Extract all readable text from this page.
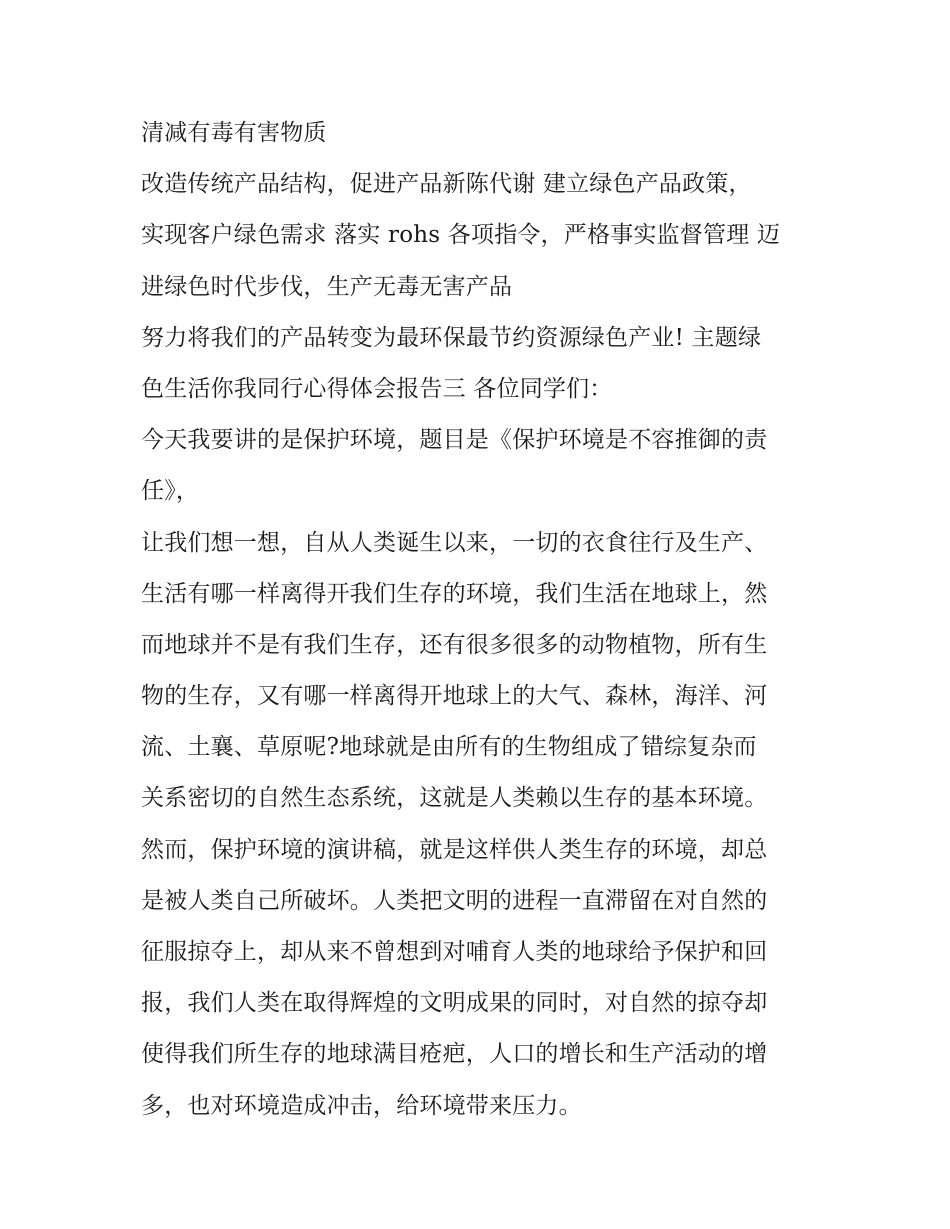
清减有毒有害物质
改造传统产品结构，促进产品新陈代谢 建立绿色产品政策，
实现客户绿色需求 落实 rohs 各项指令，严格事实监督管理 迈
进绿色时代步伐，生产无毒无害产品
努力将我们的产品转变为最环保最节约资源绿色产业! 主题绿
色生活你我同行心得体会报告三 各位同学们：
今天我要讲的是保护环境，题目是《保护环境是不容推御的责
任》，
让我们想一想，自从人类诞生以来，一切的衣食往行及生产、
生活有哪一样离得开我们生存的环境，我们生活在地球上，然
而地球并不是有我们生存，还有很多很多的动物植物，所有生
物的生存，又有哪一样离得开地球上的大气、森林，海洋、河
流、土襄、草原呢?地球就是由所有的生物组成了错综复杂而
关系密切的自然生态系统，这就是人类赖以生存的基本环境。
然而，保护环境的演讲稿，就是这样供人类生存的环境，却总
是被人类自己所破坏。人类把文明的进程一直滞留在对自然的
征服掠夺上，却从来不曾想到对哺育人类的地球给予保护和回
报，我们人类在取得辉煌的文明成果的同时，对自然的掠夺却
使得我们所生存的地球满目疮疤，人口的增长和生产活动的增
多，也对环境造成冲击，给环境带来压力。
